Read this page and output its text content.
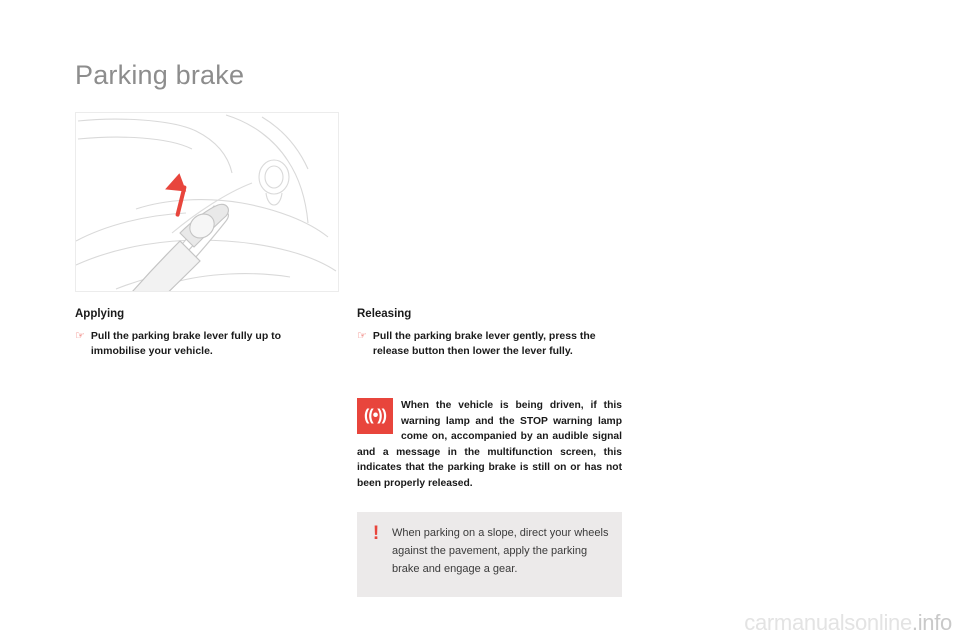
Parking brake
Applying
☞ Pull the parking brake lever fully up to immobilise your vehicle.
Releasing
☞ Pull the parking brake lever gently, press the release button then lower the lever fully.
((•))
When the vehicle is being driven, if this warning lamp and the STOP warning lamp come on, accompanied by an audible signal and a message in the multifunction screen, this indicates that the parking brake is still on or has not been properly released.
!	When parking on a slope, direct your wheels against the pavement, apply the parking brake and engage a gear.
carmanualsonline.info
